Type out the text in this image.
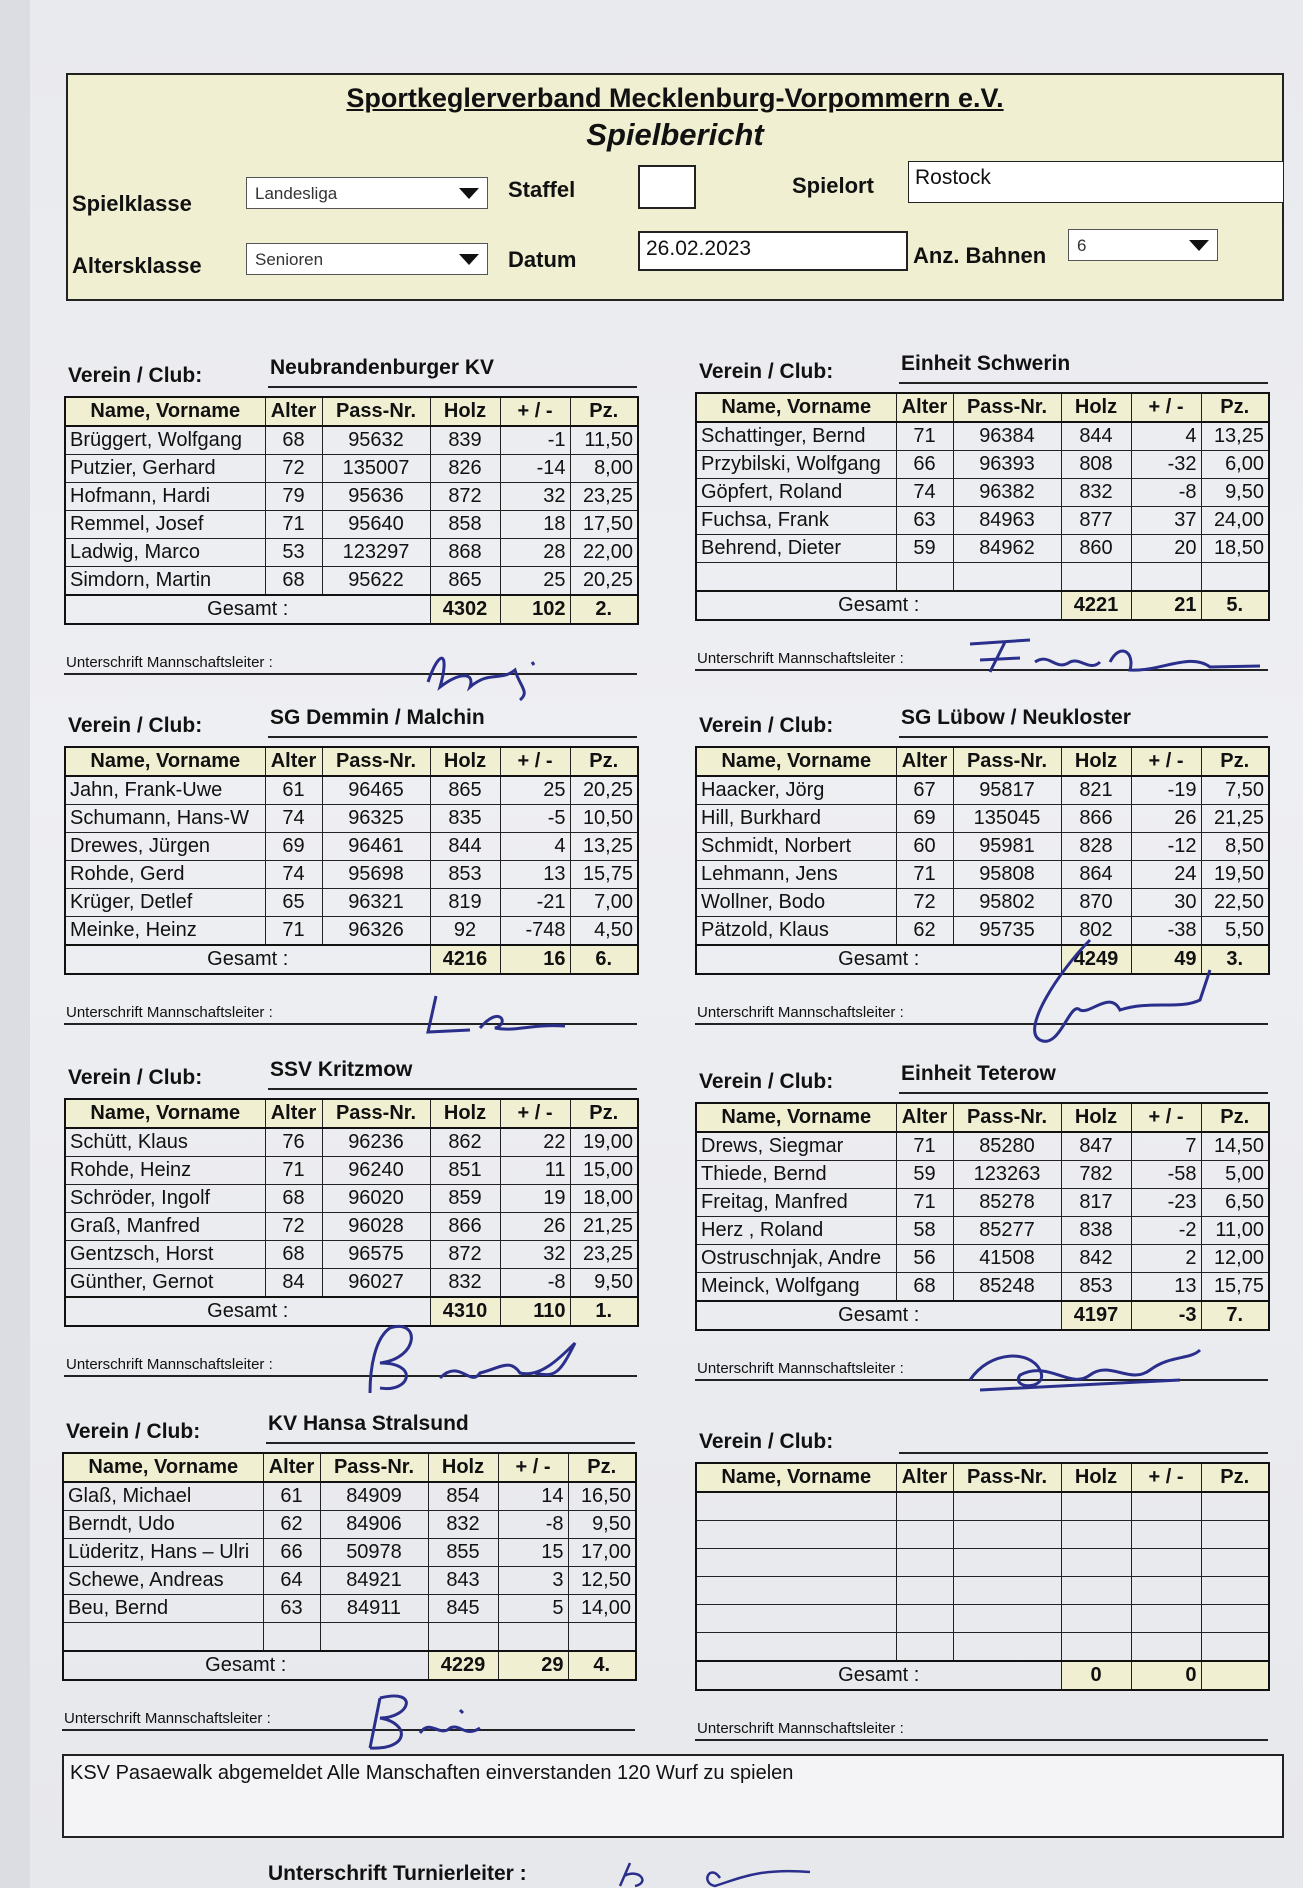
Sportkeglerverband Mecklenburg-Vorpommern e.V.
Spielbericht
Spielklasse	Landesliga
Altersklasse	Senioren
Staffel
Datum	26.02.2023
Spielort	Rostock
Anz. Bahnen	6
Verein / Club:	Neubrandenburger KV
Name, Vorname	Alter	Pass-Nr.	Holz	+ / -	Pz.
Brüggert, Wolfgang	68	95632	839	-1	11,50
Putzier, Gerhard	72	135007	826	-14	8,00
Hofmann, Hardi	79	95636	872	32	23,25
Remmel, Josef	71	95640	858	18	17,50
Ladwig, Marco	53	123297	868	28	22,00
Simdorn, Martin	68	95622	865	25	20,25
Gesamt :			4302	102	2.
Unterschrift Mannschaftsleiter :
Verein / Club:	Einheit Schwerin
Name, Vorname	Alter	Pass-Nr.	Holz	+ / -	Pz.
Schattinger, Bernd	71	96384	844	4	13,25
Przybilski, Wolfgang	66	96393	808	-32	6,00
Göpfert, Roland	74	96382	832	-8	9,50
Fuchsa, Frank	63	84963	877	37	24,00
Behrend, Dieter	59	84962	860	20	18,50

Gesamt :			4221	21	5.
Unterschrift Mannschaftsleiter :
Verein / Club:	SG Demmin / Malchin
Name, Vorname	Alter	Pass-Nr.	Holz	+ / -	Pz.
Jahn, Frank-Uwe	61	96465	865	25	20,25
Schumann, Hans-W	74	96325	835	-5	10,50
Drewes, Jürgen	69	96461	844	4	13,25
Rohde, Gerd	74	95698	853	13	15,75
Krüger, Detlef	65	96321	819	-21	7,00
Meinke, Heinz	71	96326	92	-748	4,50
Gesamt :			4216	16	6.
Unterschrift Mannschaftsleiter :
Verein / Club:	SG Lübow / Neukloster
Name, Vorname	Alter	Pass-Nr.	Holz	+ / -	Pz.
Haacker, Jörg	67	95817	821	-19	7,50
Hill, Burkhard	69	135045	866	26	21,25
Schmidt, Norbert	60	95981	828	-12	8,50
Lehmann, Jens	71	95808	864	24	19,50
Wollner, Bodo	72	95802	870	30	22,50
Pätzold, Klaus	62	95735	802	-38	5,50
Gesamt :			4249	49	3.
Unterschrift Mannschaftsleiter :
Verein / Club:	SSV Kritzmow
Name, Vorname	Alter	Pass-Nr.	Holz	+ / -	Pz.
Schütt, Klaus	76	96236	862	22	19,00
Rohde, Heinz	71	96240	851	11	15,00
Schröder, Ingolf	68	96020	859	19	18,00
Graß, Manfred	72	96028	866	26	21,25
Gentzsch, Horst	68	96575	872	32	23,25
Günther, Gernot	84	96027	832	-8	9,50
Gesamt :			4310	110	1.
Unterschrift Mannschaftsleiter :
Verein / Club:	Einheit Teterow
Name, Vorname	Alter	Pass-Nr.	Holz	+ / -	Pz.
Drews, Siegmar	71	85280	847	7	14,50
Thiede, Bernd	59	123263	782	-58	5,00
Freitag, Manfred	71	85278	817	-23	6,50
Herz , Roland	58	85277	838	-2	11,00
Ostruschnjak, Andre	56	41508	842	2	12,00
Meinck, Wolfgang	68	85248	853	13	15,75
Gesamt :			4197	-3	7.
Unterschrift Mannschaftsleiter :
Verein / Club:	KV Hansa Stralsund
Name, Vorname	Alter	Pass-Nr.	Holz	+ / -	Pz.
Glaß, Michael	61	84909	854	14	16,50
Berndt, Udo	62	84906	832	-8	9,50
Lüderitz, Hans – Ulri	66	50978	855	15	17,00
Schewe, Andreas	64	84921	843	3	12,50
Beu, Bernd	63	84911	845	5	14,00

Gesamt :			4229	29	4.
Unterschrift Mannschaftsleiter :
Verein / Club:
Name, Vorname	Alter	Pass-Nr.	Holz	+ / -	Pz.

Gesamt :			0	0	
Unterschrift Mannschaftsleiter :
KSV Pasaewalk abgemeldet Alle Manschaften einverstanden 120 Wurf zu spielen
Unterschrift Turnierleiter :
